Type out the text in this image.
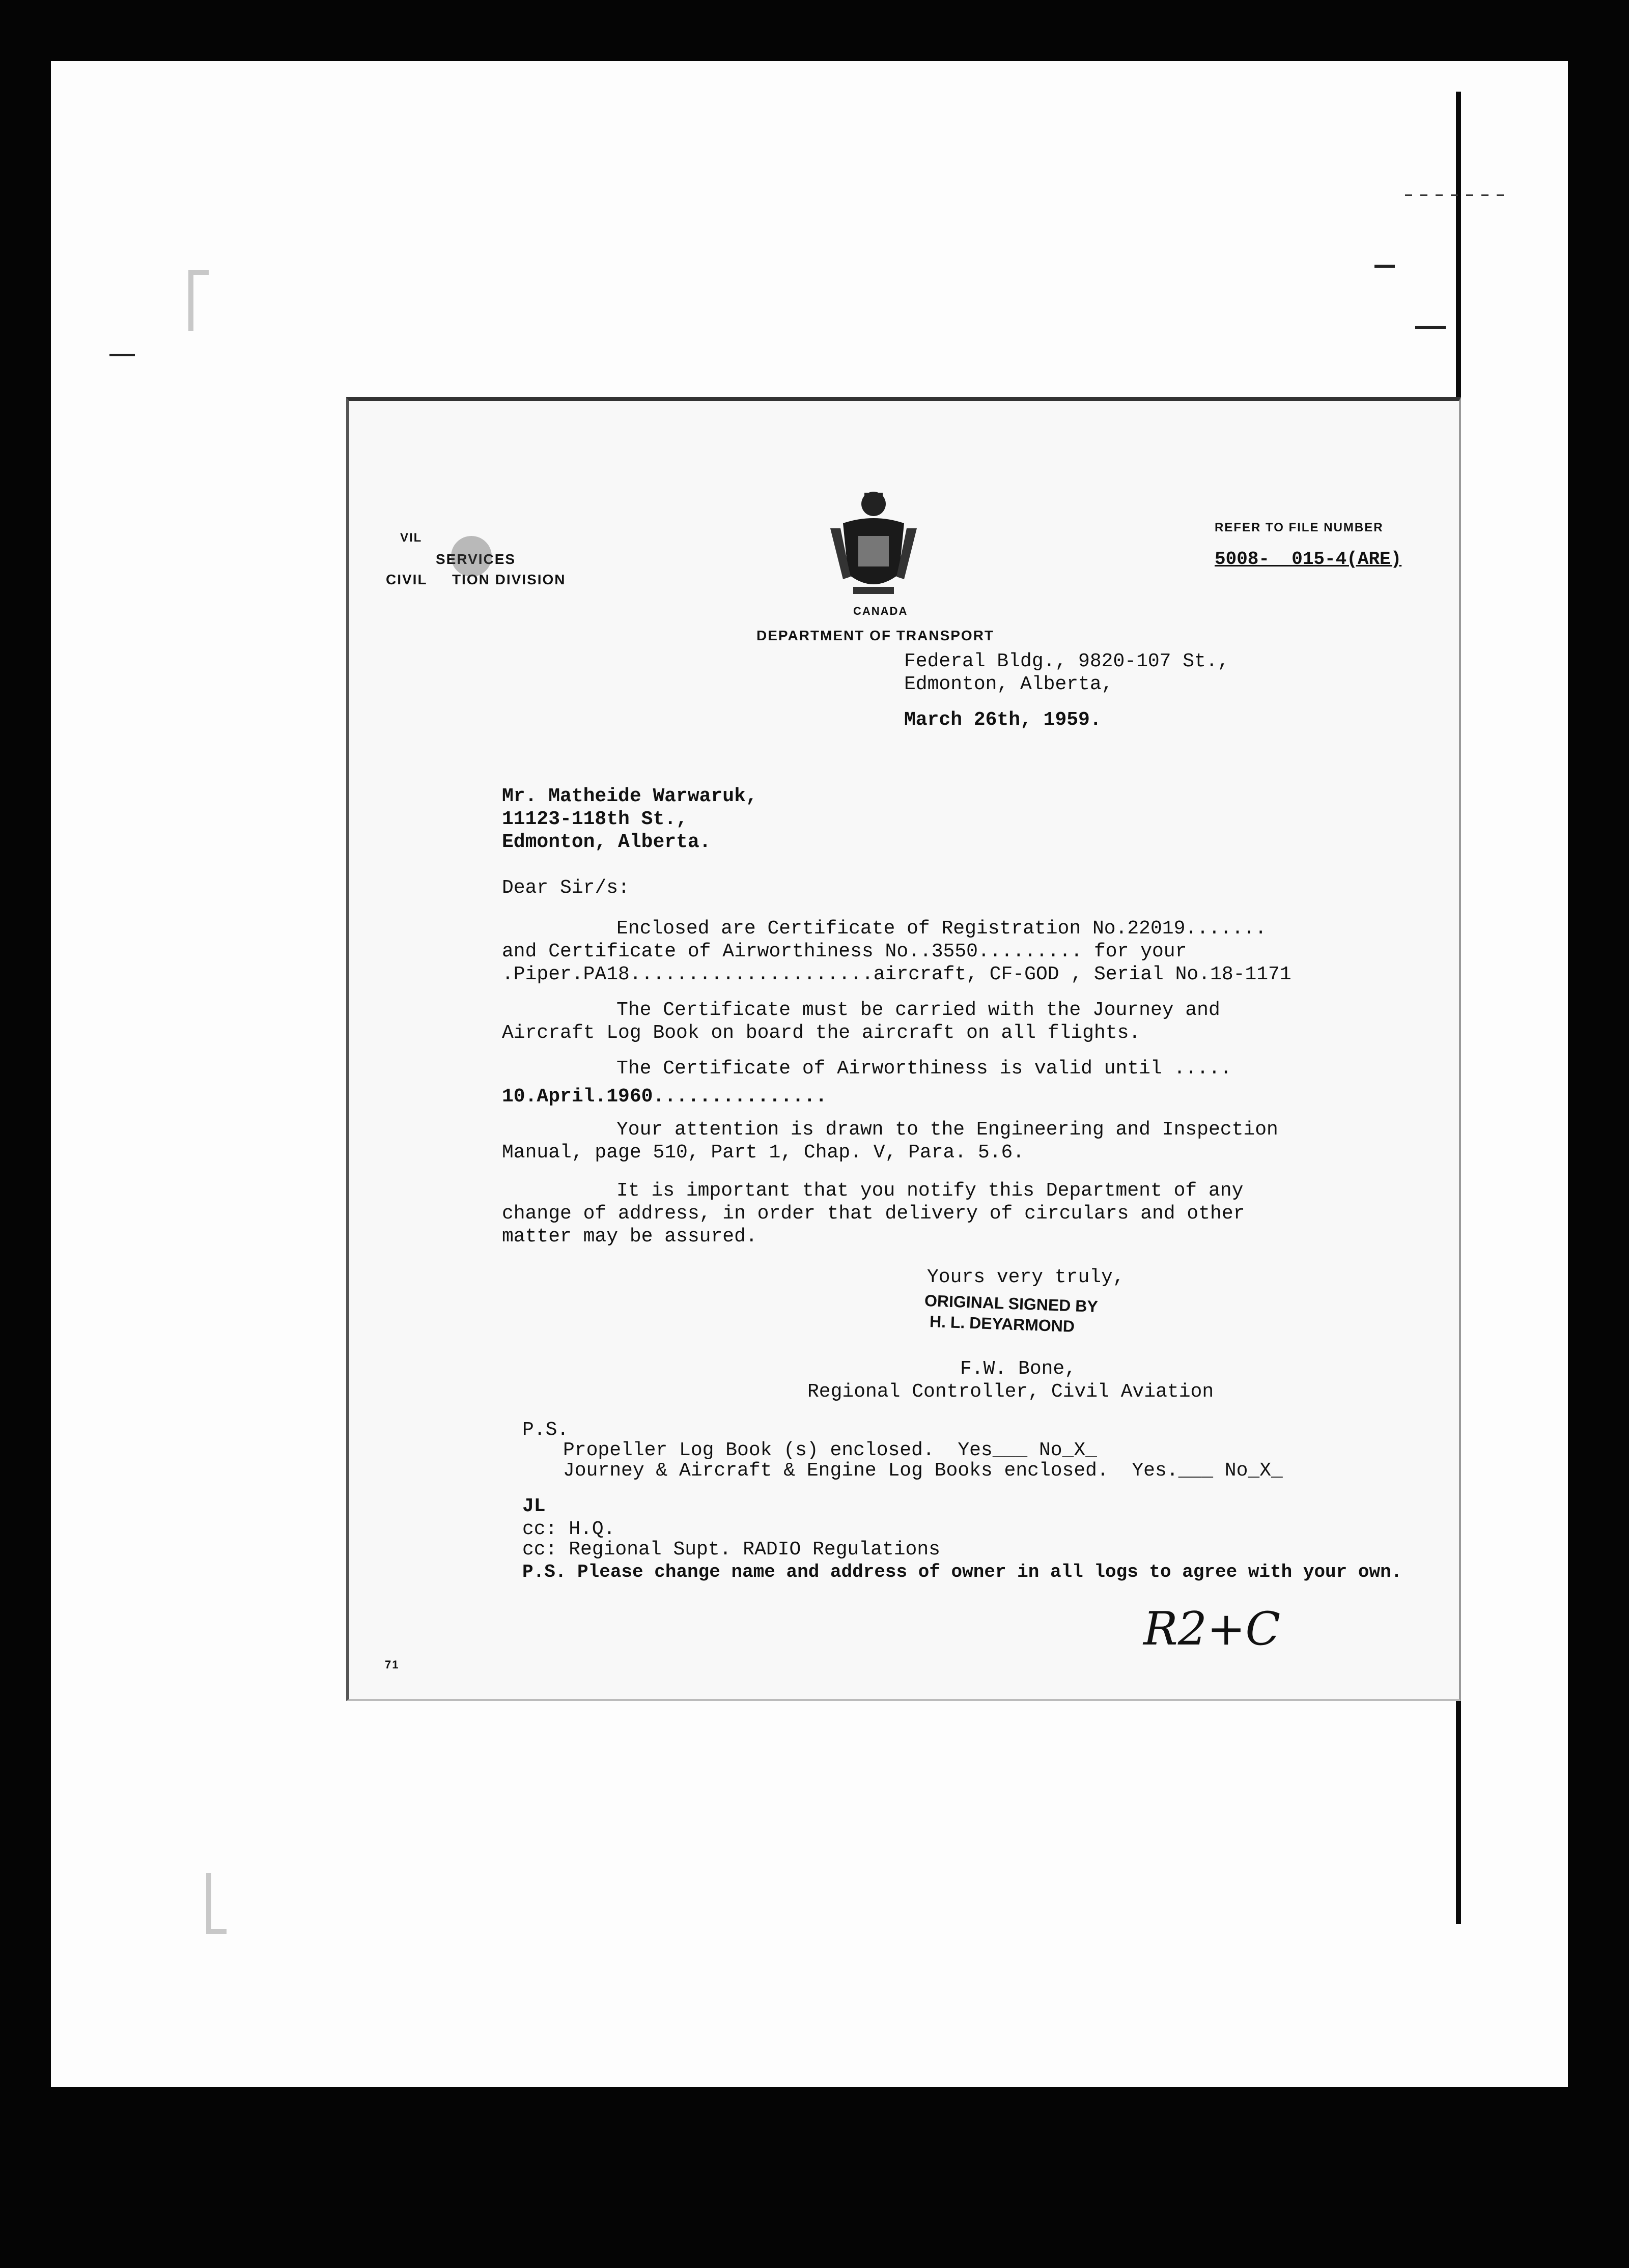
VIL
SERVICES
CIVIL     TION DIVISION
CANADA
REFER TO FILE NUMBER
5008-  015-4(ARE)
DEPARTMENT OF TRANSPORT
Federal Bldg., 9820-107 St.,
Edmonton, Alberta,
March 26th, 1959.
Mr. Matheide Warwaruk,
11123-118th St.,
Edmonton, Alberta.
Dear Sir/s:
Enclosed are Certificate of Registration No.22019.......
and Certificate of Airworthiness No..3550......... for your
.Piper.PA18.....................aircraft, CF-GOD , Serial No.18-1171
The Certificate must be carried with the Journey and
Aircraft Log Book on board the aircraft on all flights.
The Certificate of Airworthiness is valid until .....
10.April.1960...............
Your attention is drawn to the Engineering and Inspection
Manual, page 510, Part 1, Chap. V, Para. 5.6.
It is important that you notify this Department of any
change of address, in order that delivery of circulars and other
matter may be assured.
Yours very truly,
ORIGINAL SIGNED BY
H. L. DEYARMOND
F.W. Bone,
Regional Controller, Civil Aviation
P.S.
Propeller Log Book (s) enclosed.  Yes___ No_X_
Journey & Aircraft & Engine Log Books enclosed.  Yes.___ No_X_
JL
cc: H.Q.
cc: Regional Supt. RADIO Regulations
P.S. Please change name and address of owner in all logs to agree with your own.
R2+C
71
